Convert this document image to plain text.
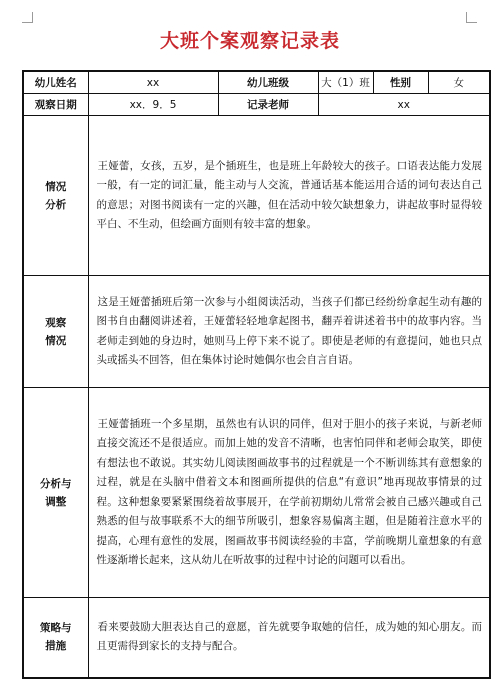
大班个案观察记录表
幼儿姓名	xx	幼儿班级	大（1）班	性别	女
观察日期	xx．9．5	记录老师	xx		

情况
分析	王娅蕾，女孩，五岁，是个插班生，也是班上年龄较大的孩子。口语表达能力发展一般，有一定的词汇量，能主动与人交流，普通话基本能运用合适的词句表达自己的意思；对图书阅读有一定的兴趣，但在活动中较欠缺想象力，讲起故事时显得较平白、不生动，但绘画方面则有较丰富的想象。				

观察
情况	这是王娅蕾插班后第一次参与小组阅读活动，当孩子们都已经纷纷拿起生动有趣的图书自由翻阅讲述着，王娅蕾轻轻地拿起图书，翻弄着讲述着书中的故事内容。当老师走到她的身边时，她则马上停下来不说了。即使是老师的有意提问，她也只点头或摇头不回答，但在集体讨论时她偶尔也会自言自语。				

分析与
调整	王娅蕾插班一个多星期，虽然也有认识的同伴，但对于胆小的孩子来说，与新老师直接交流还不是很适应。而加上她的发音不清晰，也害怕同伴和老师会取笑，即使有想法也不敢说。其实幼儿阅读图画故事书的过程就是一个不断训练其有意想象的过程，就是在头脑中借着文本和图画所提供的信息“有意识”地再现故事情景的过程。这种想象要紧紧围绕着故事展开，在学前初期幼儿常常会被自己感兴趣或自己熟悉的但与故事联系不大的细节所吸引，想象容易偏离主题，但是随着注意水平的提高，心理有意性的发展，图画故事书阅读经验的丰富，学前晚期儿童想象的有意性逐渐增长起来，这从幼儿在听故事的过程中讨论的问题可以看出。				

策略与
措施	看来要鼓励大胆表达自己的意愿，首先就要争取她的信任，成为她的知心朋友。而且更需得到家长的支持与配合。				
